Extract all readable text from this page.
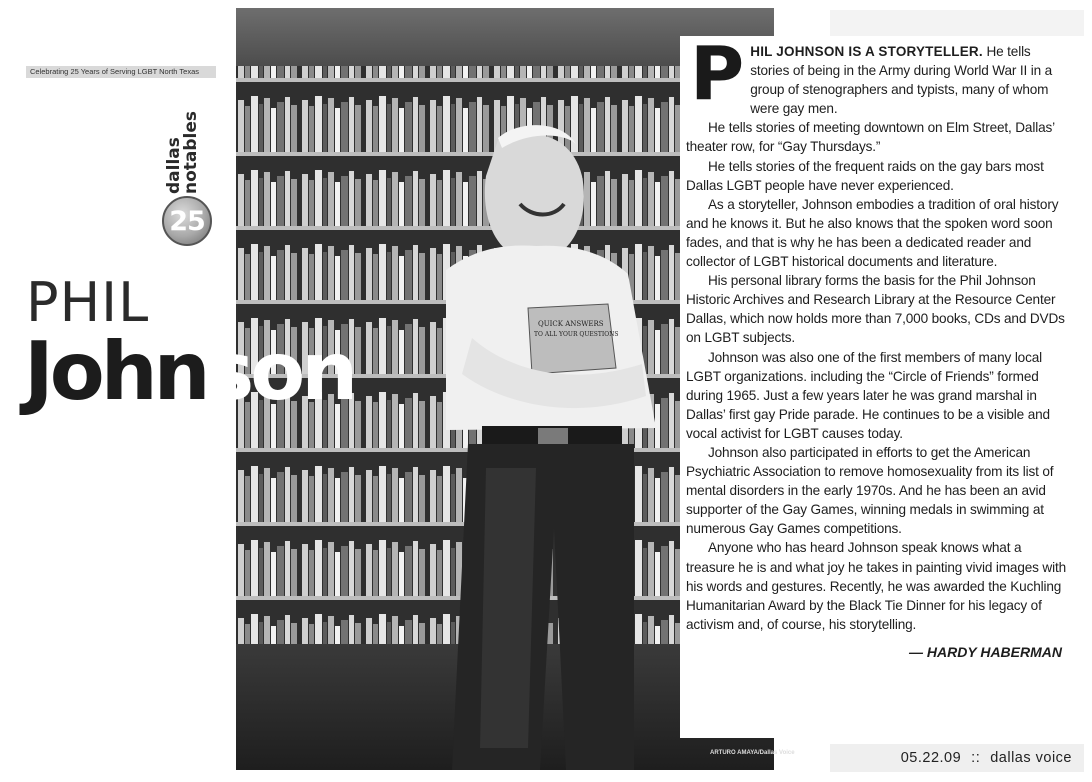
Celebrating 25 Years of Serving LGBT North Texas
dallas
notables
25
PHIL
Johnson
QUICK ANSWERS
TO ALL YOUR QUESTIONS
ARTURO AMAYA/Dallas Voice
P HIL JOHNSON IS A STORYTELLER. He tells stories of being in the Army during World War II in a group of stenographers and typists, many of whom were gay men.

He tells stories of meeting downtown on Elm Street, Dallas’ theater row, for “Gay Thursdays.”

He tells stories of the frequent raids on the gay bars most Dallas LGBT people have never experienced.

As a storyteller, Johnson embodies a tradition of oral history and he knows it. But he also knows that the spoken word soon fades, and that is why he has been a dedicated reader and collector of LGBT historical documents and literature.

His personal library forms the basis for the Phil Johnson Historic Archives and Research Library at the Resource Center Dallas, which now holds more than 7,000 books, CDs and DVDs on LGBT subjects.

Johnson was also one of the first members of many local LGBT organizations. including the “Circle of Friends” formed during 1965. Just a few years later he was grand marshal in Dallas’ first gay Pride parade. He continues to be a visible and vocal activist for LGBT causes today.

Johnson also participated in efforts to get the American Psychiatric Association to remove homosexuality from its list of mental disorders in the early 1970s. And he has been an avid supporter of the Gay Games, winning medals in swimming at numerous Gay Games competitions.

Anyone who has heard Johnson speak knows what a treasure he is and what joy he takes in painting vivid images with his words and gestures. Recently, he was awarded the Kuchling Humanitarian Award by the Black Tie Dinner for his legacy of activism and, of course, his storytelling.

— HARDY HABERMAN
05.22.09 :: dallas voice
